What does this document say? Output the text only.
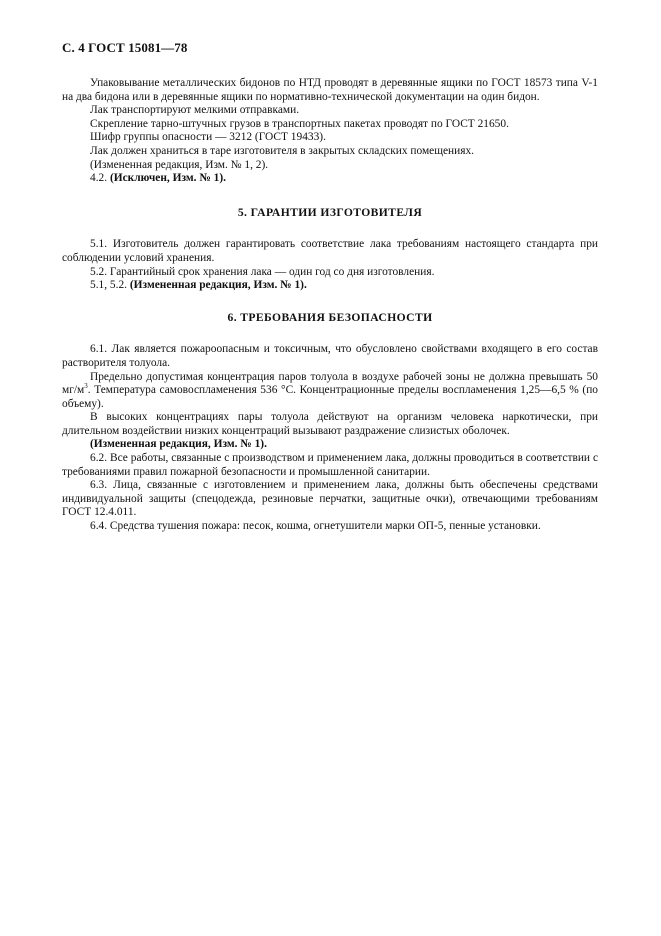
С. 4 ГОСТ 15081—78

Упаковывание металлических бидонов по НТД проводят в деревянные ящики по ГОСТ 18573 типа V-1 на два бидона или в деревянные ящики по нормативно-технической документации на один бидон.

Лак транспортируют мелкими отправками.

Скрепление тарно-штучных грузов в транспортных пакетах проводят по ГОСТ 21650.

Шифр группы опасности — 3212 (ГОСТ 19433).

Лак должен храниться в таре изготовителя в закрытых складских помещениях.

(Измененная редакция, Изм. № 1, 2).

4.2. (Исключен, Изм. № 1).

5. ГАРАНТИИ ИЗГОТОВИТЕЛЯ

5.1. Изготовитель должен гарантировать соответствие лака требованиям настоящего стандарта при соблюдении условий хранения.

5.2. Гарантийный срок хранения лака — один год со дня изготовления.

5.1, 5.2. (Измененная редакция, Изм. № 1).

6. ТРЕБОВАНИЯ БЕЗОПАСНОСТИ

6.1. Лак является пожароопасным и токсичным, что обусловлено свойствами входящего в его состав растворителя толуола.

Предельно допустимая концентрация паров толуола в воздухе рабочей зоны не должна превышать 50 $мг/м^3$. Температура самовоспламенения 536 °С. Концентрационные пределы воспламенения 1,25—6,5 % (по объему).

В высоких концентрациях пары толуола действуют на организм человека наркотически, при длительном воздействии низких концентраций вызывают раздражение слизистых оболочек.

(Измененная редакция, Изм. № 1).

6.2. Все работы, связанные с производством и применением лака, должны проводиться в соответствии с требованиями правил пожарной безопасности и промышленной санитарии.

6.3. Лица, связанные с изготовлением и применением лака, должны быть обеспечены средствами индивидуальной защиты (спецодежда, резиновые перчатки, защитные очки), отвечающими требованиям ГОСТ 12.4.011.

6.4. Средства тушения пожара: песок, кошма, огнетушители марки ОП-5, пенные установки.
